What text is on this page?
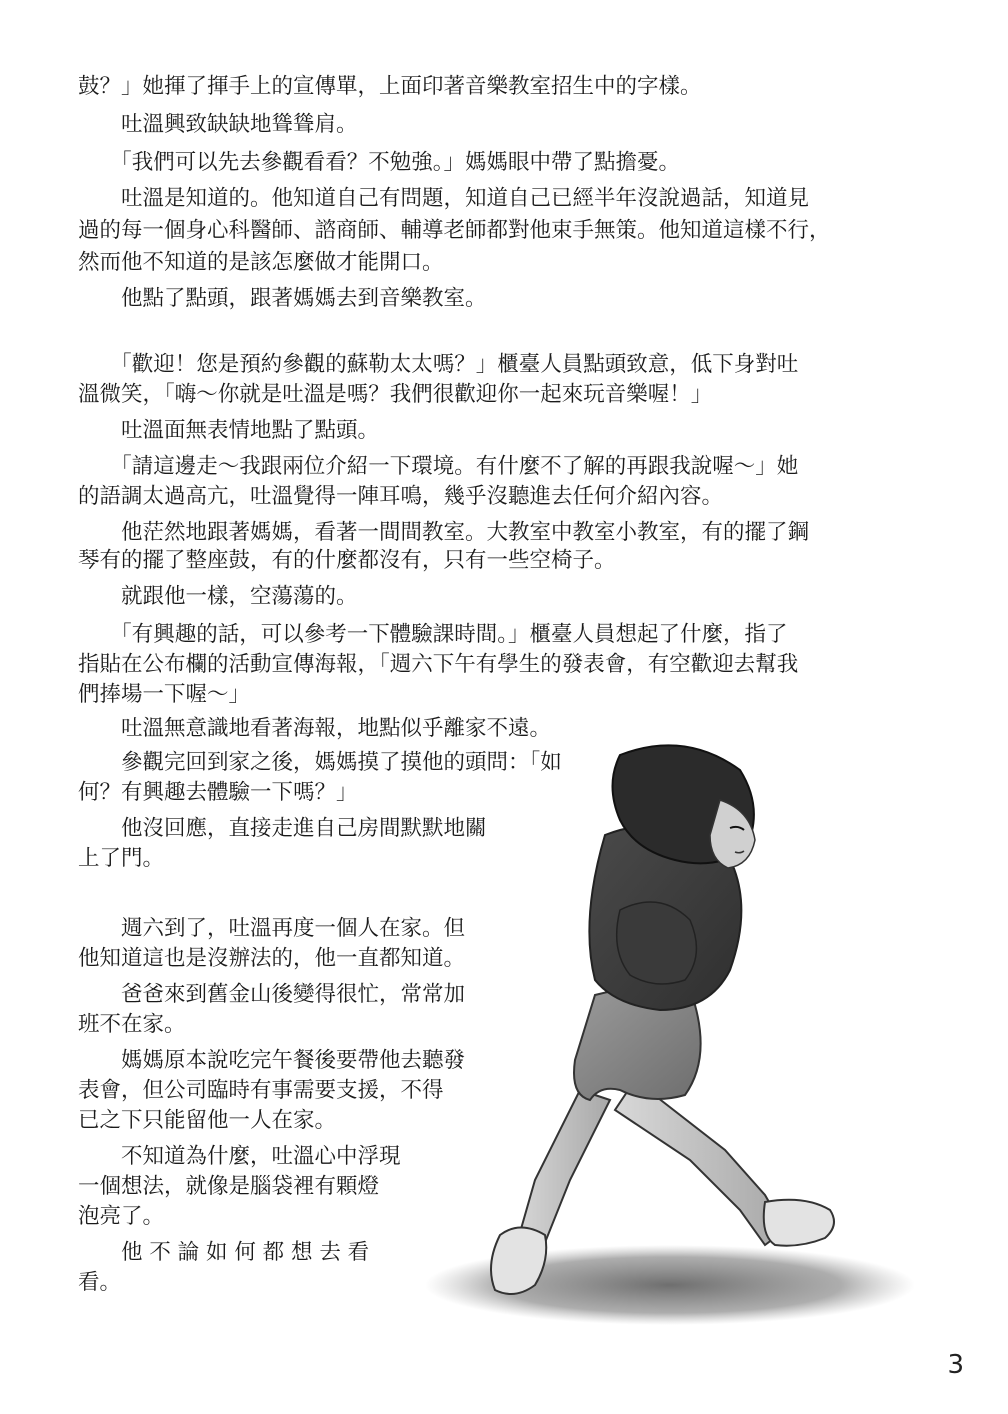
鼓？」她揮了揮手上的宣傳單，上面印著音樂教室招生中的字樣。

　　吐溫興致缺缺地聳聳肩。

　　「我們可以先去參觀看看？不勉強。」媽媽眼中帶了點擔憂。

　　吐溫是知道的。他知道自己有問題，知道自己已經半年沒說過話，知道見

過的每一個身心科醫師、諮商師、輔導老師都對他束手無策。他知道這樣不行，

然而他不知道的是該怎麼做才能開口。

　　他點了點頭，跟著媽媽去到音樂教室。

　　「歡迎！您是預約參觀的蘇勒太太嗎？」櫃臺人員點頭致意，低下身對吐

溫微笑，「嗨～你就是吐溫是嗎？我們很歡迎你一起來玩音樂喔！」

　　吐溫面無表情地點了點頭。

　　「請這邊走～我跟兩位介紹一下環境。有什麼不了解的再跟我說喔～」她

的語調太過高亢，吐溫覺得一陣耳鳴，幾乎沒聽進去任何介紹內容。

　　他茫然地跟著媽媽，看著一間間教室。大教室中教室小教室，有的擺了鋼

琴有的擺了整座鼓，有的什麼都沒有，只有一些空椅子。

　　就跟他一樣，空蕩蕩的。

　　「有興趣的話，可以參考一下體驗課時間。」櫃臺人員想起了什麼，指了

指貼在公布欄的活動宣傳海報，「週六下午有學生的發表會，有空歡迎去幫我

們捧場一下喔～」

　　吐溫無意識地看著海報，地點似乎離家不遠。

　　參觀完回到家之後，媽媽摸了摸他的頭問：「如

何？有興趣去體驗一下嗎？」

　　他沒回應，直接走進自己房間默默地關

上了門。

　　週六到了，吐溫再度一個人在家。但

他知道這也是沒辦法的，他一直都知道。

　　爸爸來到舊金山後變得很忙，常常加

班不在家。

　　媽媽原本說吃完午餐後要帶他去聽發

表會，但公司臨時有事需要支援，不得

已之下只能留他一人在家。

　　不知道為什麼，吐溫心中浮現

一個想法，就像是腦袋裡有顆燈

泡亮了。

　　他 不 論 如 何 都 想 去 看

看。

3
